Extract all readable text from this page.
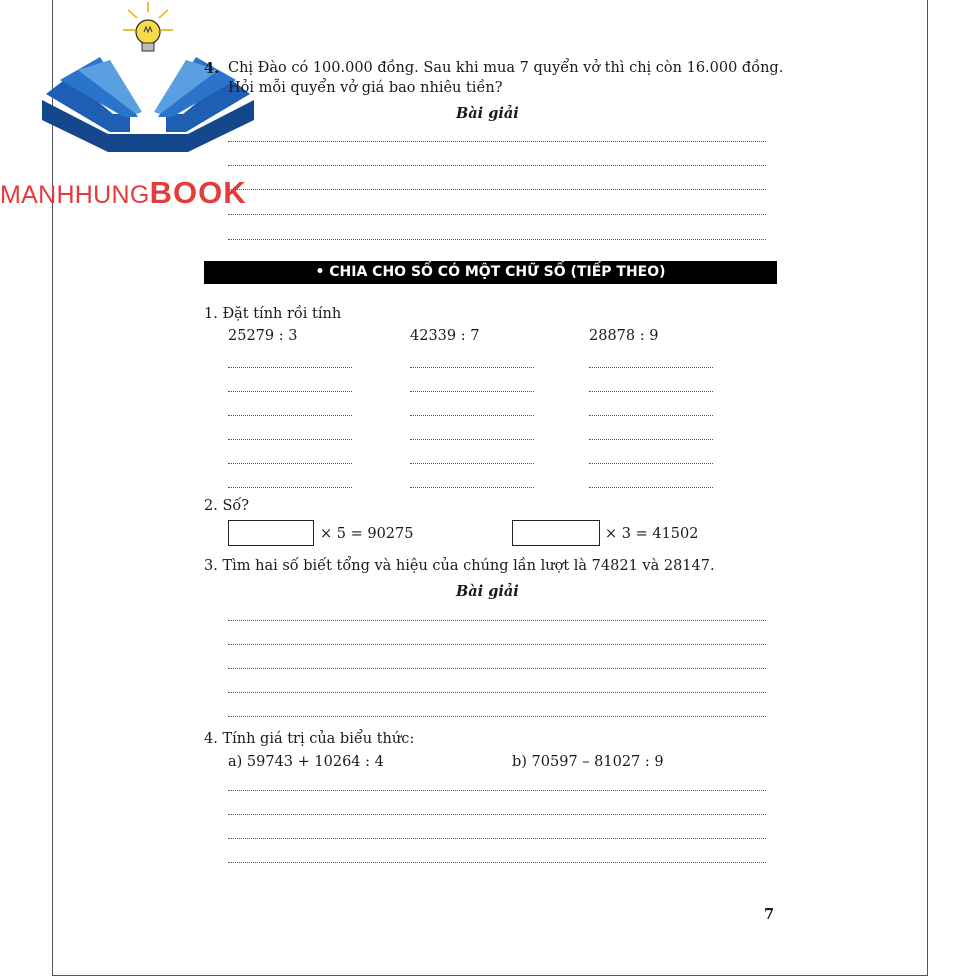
MANHHUNGBOOK
4. Chị Đào có 100.000 đồng. Sau khi mua 7 quyển vở thì chị còn 16.000 đồng.
Hỏi mỗi quyển vở giá bao nhiêu tiền?
Bài giải
• CHIA CHO SỐ CÓ MỘT CHỮ SỐ (TIẾP THEO)
1. Đặt tính rồi tính
25279 : 3	42339 : 7	28878 : 9
2. Số?
× 5 = 90275	× 3 = 41502
3. Tìm hai số biết tổng và hiệu của chúng lần lượt là 74821 và 28147.
Bài giải
4. Tính giá trị của biểu thức:
a) 59743 + 10264 : 4	b) 70597 – 81027 : 9
7
